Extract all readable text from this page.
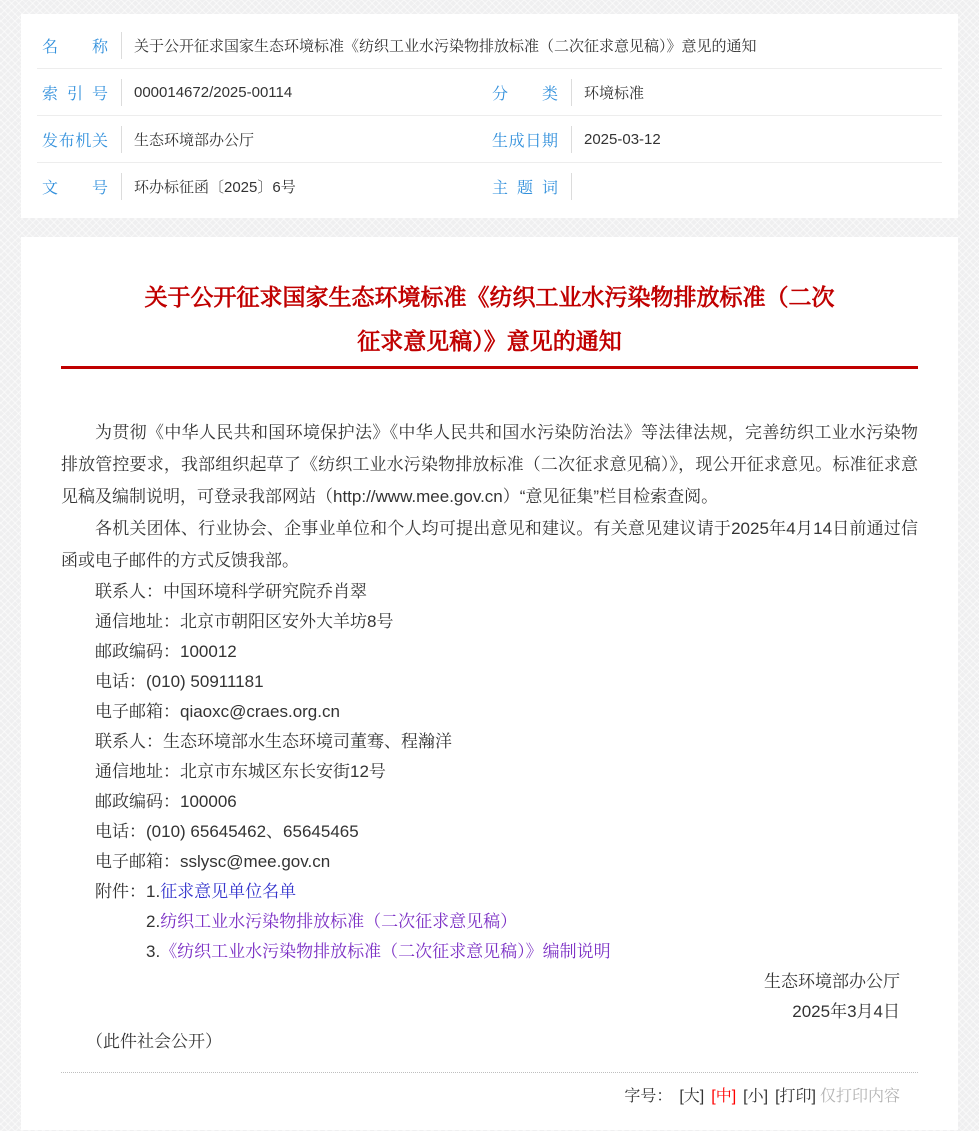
名称 关于公开征求国家生态环境标准《纺织工业水污染物排放标准（二次征求意见稿）》意见的通知
索引号 000014672/2025-00114	分类 环境标准
发布机关 生态环境部办公厅	生成日期 2025-03-12
文号 环办标征函〔2025〕6号	主题词
关于公开征求国家生态环境标准《纺织工业水污染物排放标准（二次
征求意见稿）》意见的通知

为贯彻《中华人民共和国环境保护法》《中华人民共和国水污染防治法》等法律法规，完善纺织工业水污染物排放管控要求，我部组织起草了《纺织工业水污染物排放标准（二次征求意见稿）》，现公开征求意见。标准征求意见稿及编制说明，可登录我部网站（http://www.mee.gov.cn）“意见征集”栏目检索查阅。

各机关团体、行业协会、企事业单位和个人均可提出意见和建议。有关意见建议请于2025年4月14日前通过信函或电子邮件的方式反馈我部。

联系人：中国环境科学研究院乔肖翠
通信地址：北京市朝阳区安外大羊坊8号
邮政编码：100012
电话：(010) 50911181
电子邮箱：qiaoxc@craes.org.cn
联系人：生态环境部水生态环境司董骞、程瀚洋
通信地址：北京市东城区东长安街12号
邮政编码：100006
电话：(010) 65645462、65645465
电子邮箱：sslysc@mee.gov.cn
附件：1.征求意见单位名单
2.纺织工业水污染物排放标准（二次征求意见稿）
3.《纺织工业水污染物排放标准（二次征求意见稿）》编制说明
生态环境部办公厅
2025年3月4日
（此件社会公开）
字号： [大] [中] [小] [打印] 仅打印内容
